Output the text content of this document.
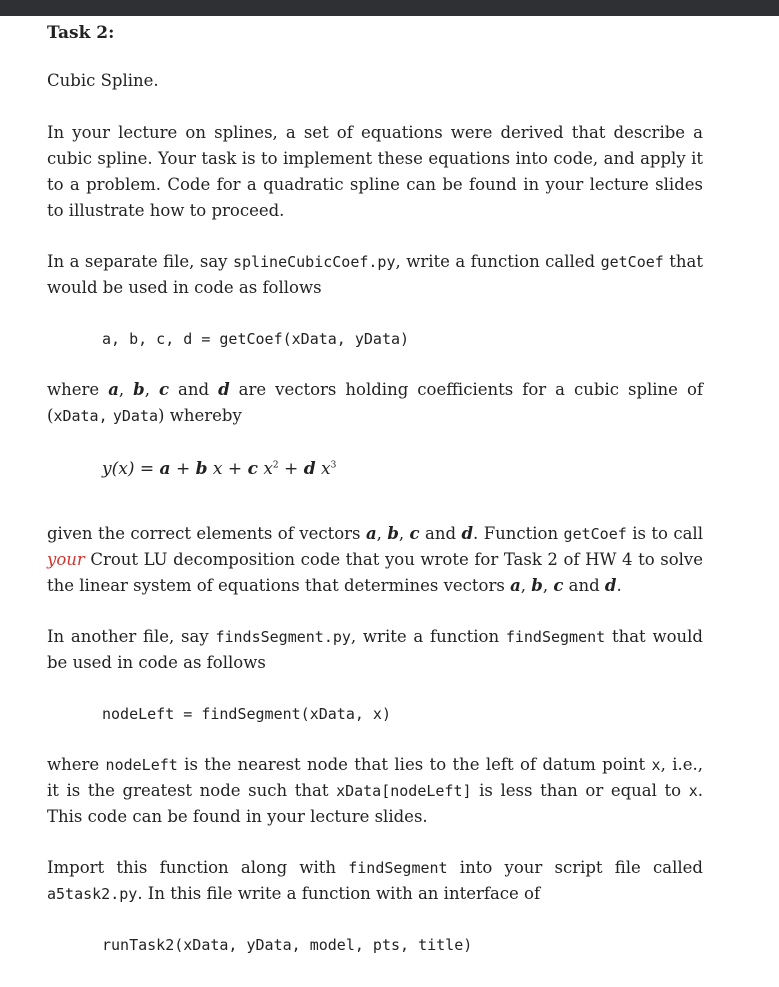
Task 2:
Cubic Spline.
In your lecture on splines, a set of equations were derived that describe a cubic spline. Your task is to implement these equations into code, and apply it to a problem. Code for a quadratic spline can be found in your lecture slides to illustrate how to proceed.
In a separate file, say splineCubicCoef.py, write a function called getCoef that would be used in code as follows
a, b, c, d = getCoef(xData, yData)
where a, b, c and d are vectors holding coefficients for a cubic spline of (xData, yData) whereby
y(x) = a + b x + c $x^2 + d$ $x^3$
given the correct elements of vectors a, b, c and d. Function getCoef is to call your Crout LU decomposition code that you wrote for Task 2 of HW 4 to solve the linear system of equations that determines vectors a, b, c and d.
In another file, say findsSegment.py, write a function findSegment that would be used in code as follows
nodeLeft = findSegment(xData, x)
where nodeLeft is the nearest node that lies to the left of datum point x, i.e., it is the greatest node such that xData[nodeLeft] is less than or equal to x. This code can be found in your lecture slides.
Import this function along with findSegment into your script file called a5task2.py. In this file write a function with an interface of
runTask2(xData, yData, model, pts, title)
